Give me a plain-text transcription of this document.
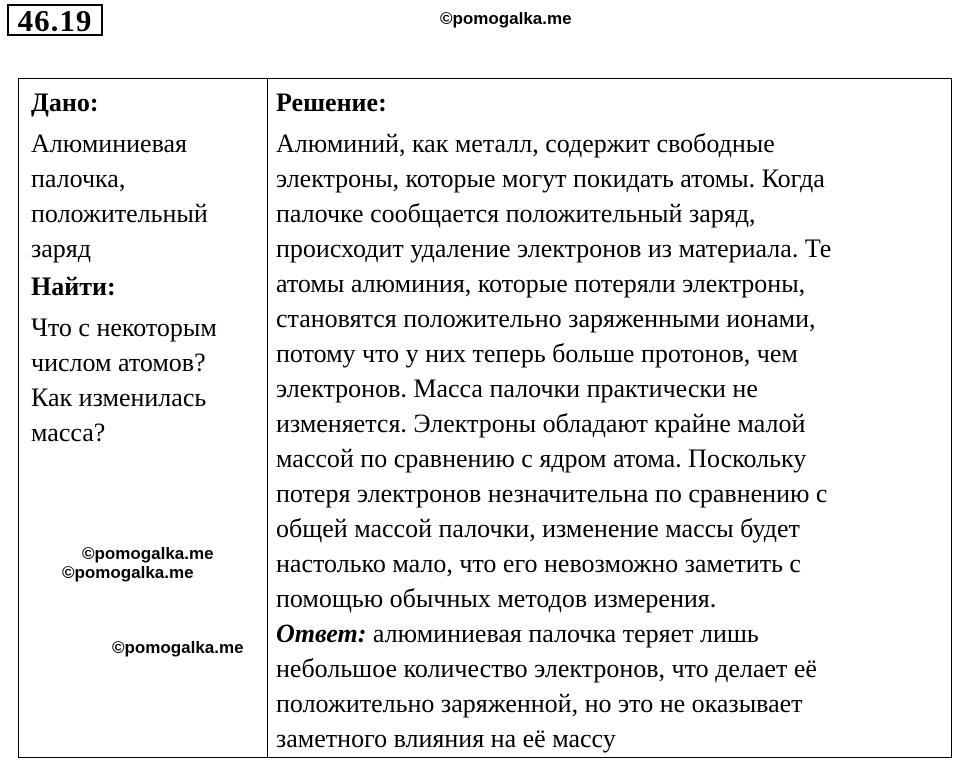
46.19	©pomogalka.me
Дано:
Алюминиевая
палочка,
положительный
заряд
Найти:
Что с некоторым
числом атомов?
Как изменилась
масса?
Решение:
Алюминий, как металл, содержит свободные
электроны, которые могут покидать атомы. Когда
палочке сообщается положительный заряд,
происходит удаление электронов из материала. Те
атомы алюминия, которые потеряли электроны,
становятся положительно заряженными ионами,
потому что у них теперь больше протонов, чем
электронов. Масса палочки практически не
изменяется. Электроны обладают крайне малой
массой по сравнению с ядром атома. Поскольку
потеря электронов незначительна по сравнению с
общей массой палочки, изменение массы будет
настолько мало, что его невозможно заметить с
помощью обычных методов измерения.
Ответ: алюминиевая палочка теряет лишь
небольшое количество электронов, что делает её
положительно заряженной, но это не оказывает
заметного влияния на её массу
©pomogalka.me
©pomogalka.me
©pomogalka.me
